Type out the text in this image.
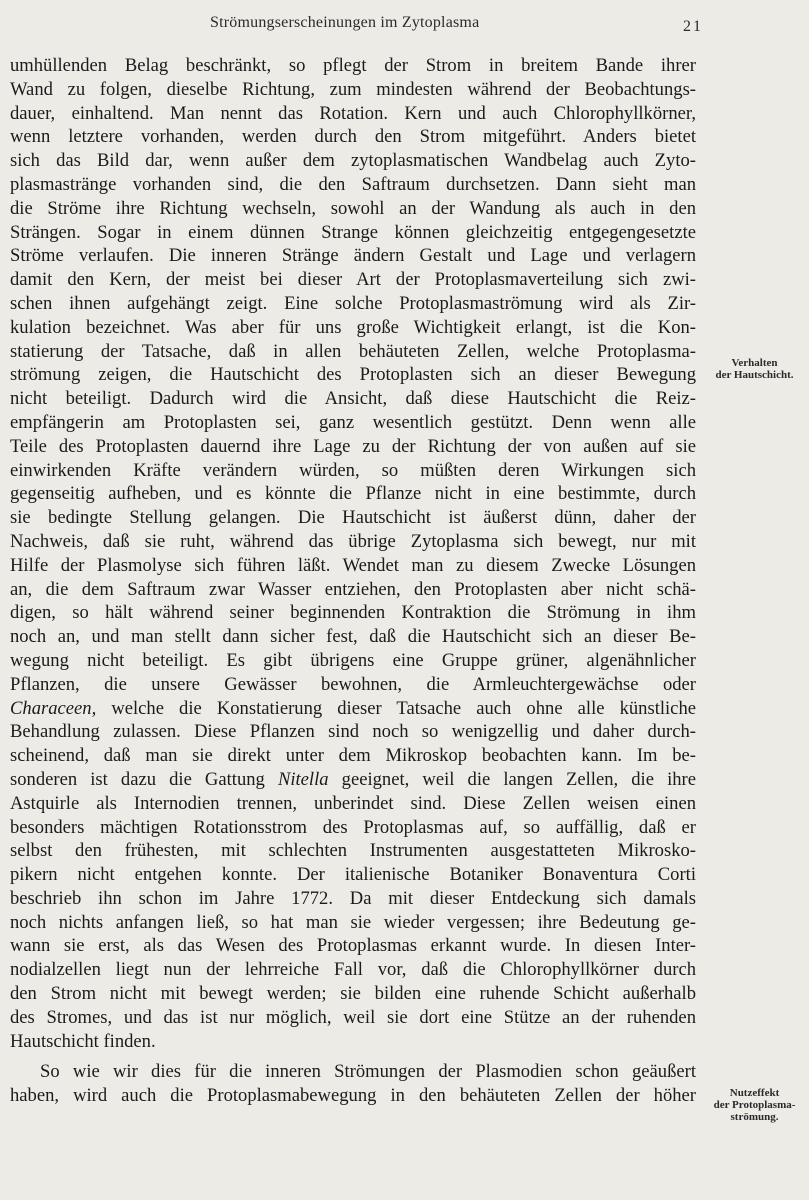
Strömungserscheinungen im Zytoplasma	21
umhüllenden Belag beschränkt, so pflegt der Strom in breitem Bande ihrer
Wand zu folgen, dieselbe Richtung, zum mindesten während der Beobachtungs-
dauer, einhaltend. Man nennt das Rotation. Kern und auch Chlorophyllkörner,
wenn letztere vorhanden, werden durch den Strom mitgeführt. Anders bietet
sich das Bild dar, wenn außer dem zytoplasmatischen Wandbelag auch Zyto-
plasmastränge vorhanden sind, die den Saftraum durchsetzen. Dann sieht man
die Ströme ihre Richtung wechseln, sowohl an der Wandung als auch in den
Strängen. Sogar in einem dünnen Strange können gleichzeitig entgegengesetzte
Ströme verlaufen. Die inneren Stränge ändern Gestalt und Lage und verlagern
damit den Kern, der meist bei dieser Art der Protoplasmaverteilung sich zwi-
schen ihnen aufgehängt zeigt. Eine solche Protoplasmaströmung wird als Zir-
kulation bezeichnet. Was aber für uns große Wichtigkeit erlangt, ist die Kon-
statierung der Tatsache, daß in allen behäuteten Zellen, welche Protoplasma-
strömung zeigen, die Hautschicht des Protoplasten sich an dieser Bewegung
nicht beteiligt. Dadurch wird die Ansicht, daß diese Hautschicht die Reiz-
empfängerin am Protoplasten sei, ganz wesentlich gestützt. Denn wenn alle
Teile des Protoplasten dauernd ihre Lage zu der Richtung der von außen auf sie
einwirkenden Kräfte verändern würden, so müßten deren Wirkungen sich
gegenseitig aufheben, und es könnte die Pflanze nicht in eine bestimmte, durch
sie bedingte Stellung gelangen. Die Hautschicht ist äußerst dünn, daher der
Nachweis, daß sie ruht, während das übrige Zytoplasma sich bewegt, nur mit
Hilfe der Plasmolyse sich führen läßt. Wendet man zu diesem Zwecke Lösungen
an, die dem Saftraum zwar Wasser entziehen, den Protoplasten aber nicht schä-
digen, so hält während seiner beginnenden Kontraktion die Strömung in ihm
noch an, und man stellt dann sicher fest, daß die Hautschicht sich an dieser Be-
wegung nicht beteiligt. Es gibt übrigens eine Gruppe grüner, algenähnlicher
Pflanzen, die unsere Gewässer bewohnen, die Armleuchtergewächse oder
Characeen, welche die Konstatierung dieser Tatsache auch ohne alle künstliche
Behandlung zulassen. Diese Pflanzen sind noch so wenigzellig und daher durch-
scheinend, daß man sie direkt unter dem Mikroskop beobachten kann. Im be-
sonderen ist dazu die Gattung Nitella geeignet, weil die langen Zellen, die ihre
Astquirle als Internodien trennen, unberindet sind. Diese Zellen weisen einen
besonders mächtigen Rotationsstrom des Protoplasmas auf, so auffällig, daß er
selbst den frühesten, mit schlechten Instrumenten ausgestatteten Mikrosko-
pikern nicht entgehen konnte. Der italienische Botaniker Bonaventura Corti
beschrieb ihn schon im Jahre 1772. Da mit dieser Entdeckung sich damals
noch nichts anfangen ließ, so hat man sie wieder vergessen; ihre Bedeutung ge-
wann sie erst, als das Wesen des Protoplasmas erkannt wurde. In diesen Inter-
nodialzellen liegt nun der lehrreiche Fall vor, daß die Chlorophyllkörner durch
den Strom nicht mit bewegt werden; sie bilden eine ruhende Schicht außerhalb
des Stromes, und das ist nur möglich, weil sie dort eine Stütze an der ruhenden
Hautschicht finden.
So wie wir dies für die inneren Strömungen der Plasmodien schon geäußert
haben, wird auch die Protoplasmabewegung in den behäuteten Zellen der höher
Verhalten
der Hautschicht.
Nutzeffekt
der Protoplasma-
strömung.
